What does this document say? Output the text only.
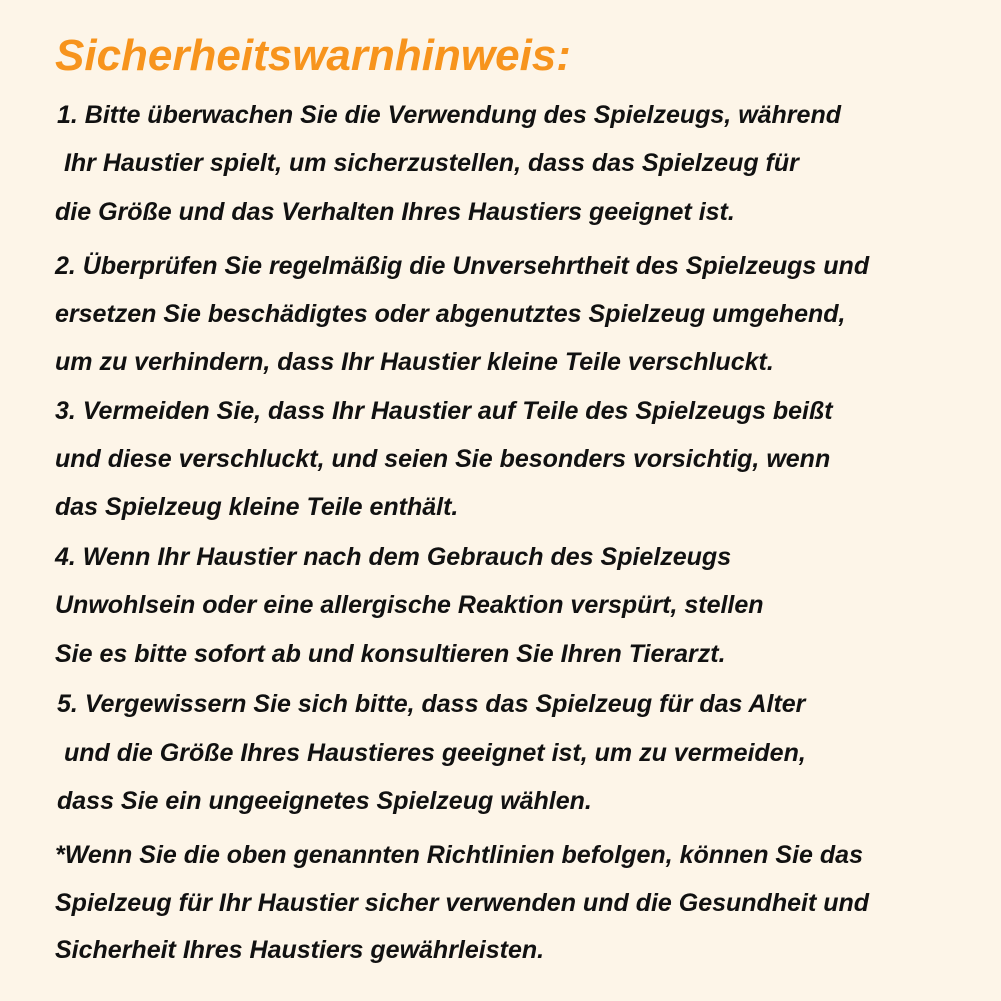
Sicherheitswarnhinweis:

1. Bitte überwachen Sie die Verwendung des Spielzeugs, während

Ihr Haustier spielt, um sicherzustellen, dass das Spielzeug für

die Größe und das Verhalten Ihres Haustiers geeignet ist.

2. Überprüfen Sie regelmäßig die Unversehrtheit des Spielzeugs und

ersetzen Sie beschädigtes oder abgenutztes Spielzeug umgehend,

um zu verhindern, dass Ihr Haustier kleine Teile verschluckt.

3. Vermeiden Sie, dass Ihr Haustier auf Teile des Spielzeugs beißt

und diese verschluckt, und seien Sie besonders vorsichtig, wenn

das Spielzeug kleine Teile enthält.

4. Wenn Ihr Haustier nach dem Gebrauch des Spielzeugs

Unwohlsein oder eine allergische Reaktion verspürt, stellen

Sie es bitte sofort ab und konsultieren Sie Ihren Tierarzt.

5. Vergewissern Sie sich bitte, dass das Spielzeug für das Alter

und die Größe Ihres Haustieres geeignet ist, um zu vermeiden,

dass Sie ein ungeeignetes Spielzeug wählen.

*Wenn Sie die oben genannten Richtlinien befolgen, können Sie das

Spielzeug für Ihr Haustier sicher verwenden und die Gesundheit und

Sicherheit Ihres Haustiers gewährleisten.
